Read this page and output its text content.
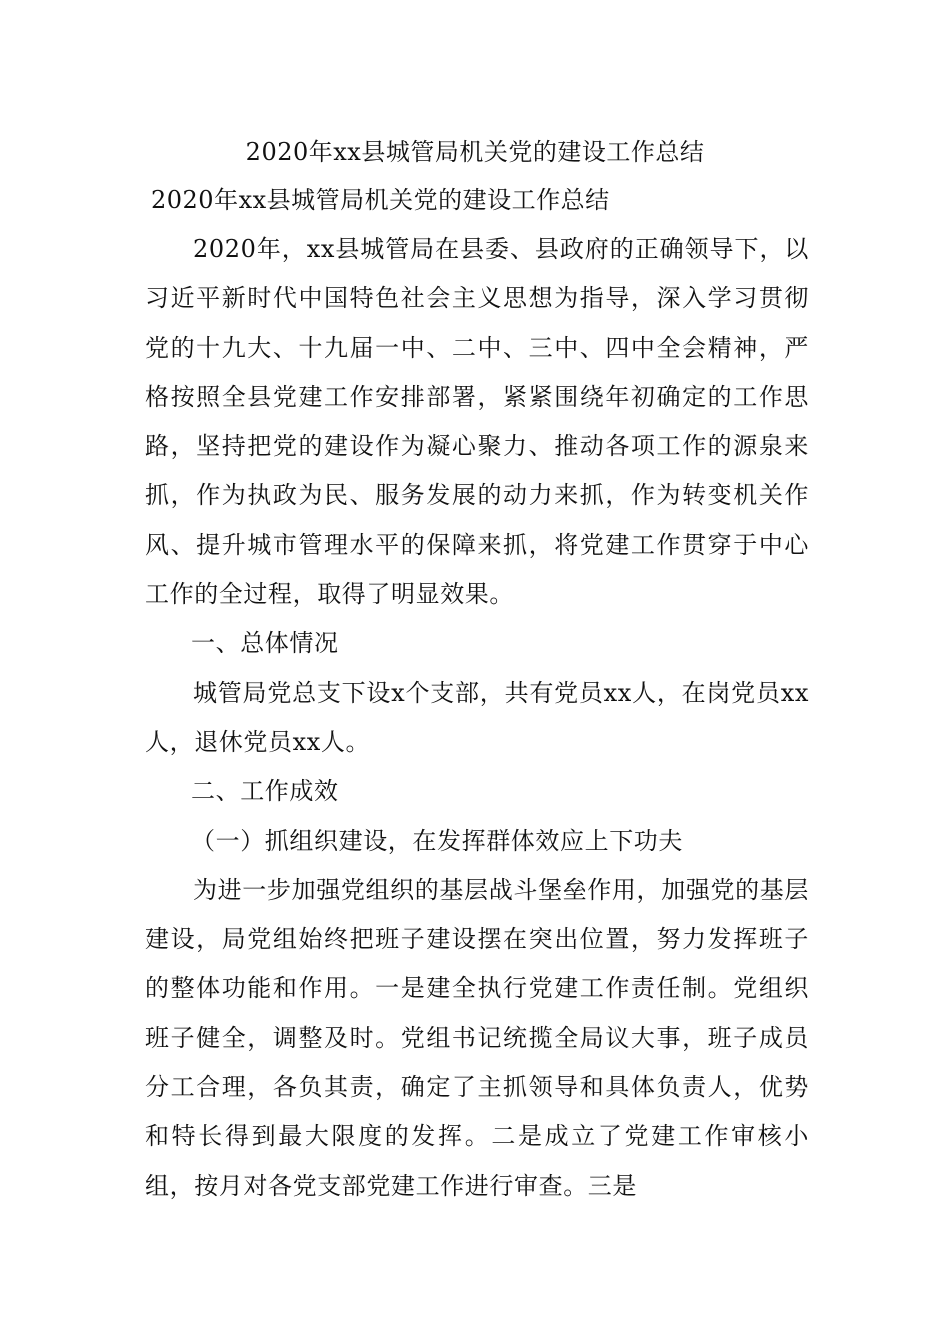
2020年xx县城管局机关党的建设工作总结
2020年xx县城管局机关党的建设工作总结

2020年，xx县城管局在县委、县政府的正确领导下，以习近平新时代中国特色社会主义思想为指导，深入学习贯彻党的十九大、十九届一中、二中、三中、四中全会精神，严格按照全县党建工作安排部署，紧紧围绕年初确定的工作思路，坚持把党的建设作为凝心聚力、推动各项工作的源泉来抓，作为执政为民、服务发展的动力来抓，作为转变机关作风、提升城市管理水平的保障来抓，将党建工作贯穿于中心工作的全过程，取得了明显效果。

一、总体情况

城管局党总支下设x个支部，共有党员xx人，在岗党员xx人，退休党员xx人。

二、工作成效

（一）抓组织建设，在发挥群体效应上下功夫

为进一步加强党组织的基层战斗堡垒作用，加强党的基层建设，局党组始终把班子建设摆在突出位置，努力发挥班子的整体功能和作用。一是建全执行党建工作责任制。党组织班子健全，调整及时。党组书记统揽全局议大事，班子成员分工合理，各负其责，确定了主抓领导和具体负责人，优势和特长得到最大限度的发挥。二是成立了党建工作审核小组，按月对各党支部党建工作进行审查。三是
